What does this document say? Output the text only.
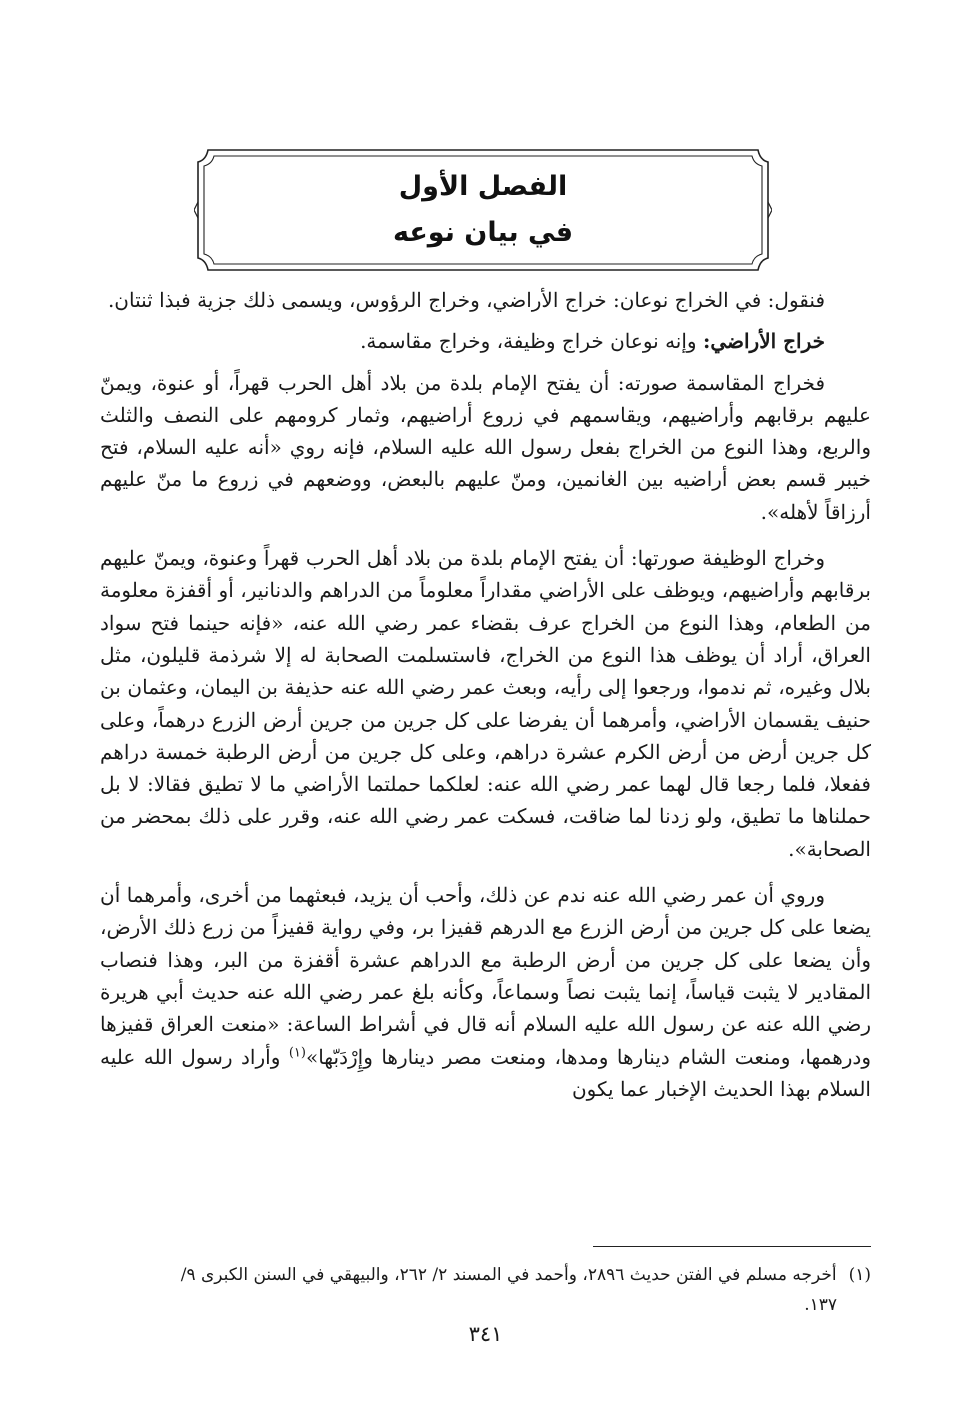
الفصل الأول
في بيان نوعه

فنقول: في الخراج نوعان: خراج الأراضي، وخراج الرؤوس، ويسمى ذلك جزية فبذا ثنتان.

خراج الأراضي: وإنه نوعان خراج وظيفة، وخراج مقاسمة.

فخراج المقاسمة صورته: أن يفتح الإمام بلدة من بلاد أهل الحرب قهراً، أو عنوة، ويمنّ عليهم برقابهم وأراضيهم، ويقاسمهم في زروع أراضيهم، وثمار كرومهم على النصف والثلث والربع، وهذا النوع من الخراج بفعل رسول الله عليه السلام، فإنه روي «أنه عليه السلام، فتح خيبر قسم بعض أراضيه بين الغانمين، ومنّ عليهم بالبعض، ووضعهم في زروع ما منّ عليهم أرزاقاً لأهله».

وخراج الوظيفة صورتها: أن يفتح الإمام بلدة من بلاد أهل الحرب قهراً وعنوة، ويمنّ عليهم برقابهم وأراضيهم، ويوظف على الأراضي مقداراً معلوماً من الدراهم والدنانير، أو أقفزة معلومة من الطعام، وهذا النوع من الخراج عرف بقضاء عمر رضي الله عنه، «فإنه حينما فتح سواد العراق، أراد أن يوظف هذا النوع من الخراج، فاستسلمت الصحابة له إلا شرذمة قليلون، مثل بلال وغيره، ثم ندموا، ورجعوا إلى رأيه، وبعث عمر رضي الله عنه حذيفة بن اليمان، وعثمان بن حنيف يقسمان الأراضي، وأمرهما أن يفرضا على كل جرين من جرين أرض الزرع درهماً، وعلى كل جرين أرض من أرض الكرم عشرة دراهم، وعلى كل جرين من أرض الرطبة خمسة دراهم ففعلا، فلما رجعا قال لهما عمر رضي الله عنه: لعلكما حملتما الأراضي ما لا تطيق فقالا: لا بل حملناها ما تطيق، ولو زدنا لما ضاقت، فسكت عمر رضي الله عنه، وقرر على ذلك بمحضر من الصحابة».

وروي أن عمر رضي الله عنه ندم عن ذلك، وأحب أن يزيد، فبعثهما من أخرى، وأمرهما أن يضعا على كل جرين من أرض الزرع مع الدرهم قفيزا بر، وفي رواية قفيزاً من زرع ذلك الأرض، وأن يضعا على كل جرين من أرض الرطبة مع الدراهم عشرة أقفزة من البر، وهذا فنصاب المقادير لا يثبت قياساً، إنما يثبت نصاً وسماعاً، وكأنه بلغ عمر رضي الله عنه حديث أبي هريرة رضي الله عنه عن رسول الله عليه السلام أنه قال في أشراط الساعة: «منعت العراق قفيزها ودرهمها، ومنعت الشام دينارها ومدها، ومنعت مصر دينارها وإِرْدَبّها»$^{(١)}$ وأراد رسول الله عليه السلام بهذا الحديث الإخبار عما يكون

(١)أخرجه مسلم في الفتن حديث ٢٨٩٦، وأحمد في المسند ٢/ ٢٦٢، والبيهقي في السنن الكبرى ٩/
١٣٧.
٣٤١
